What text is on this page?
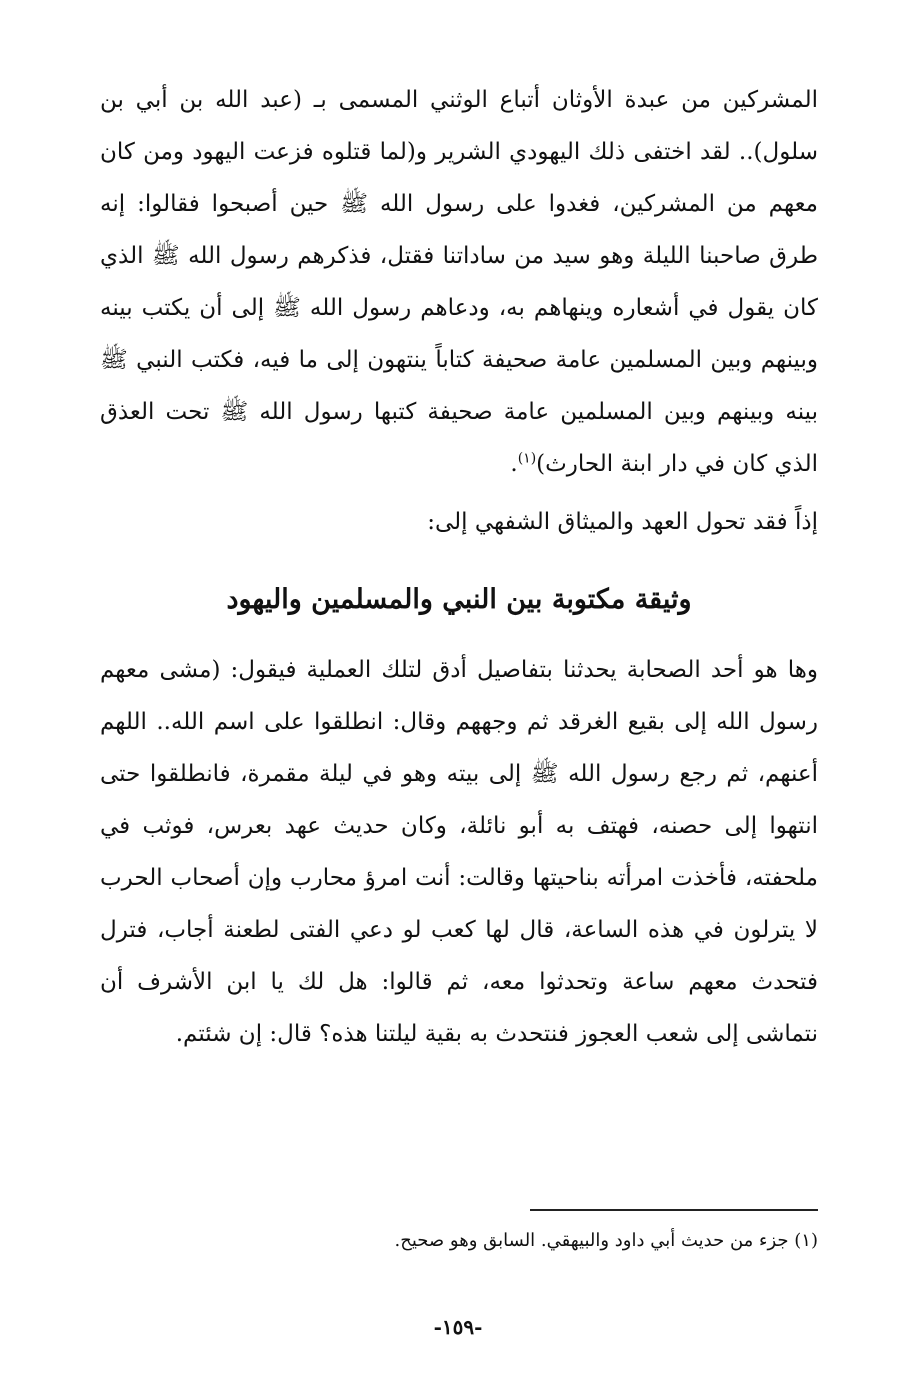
المشركين من عبدة الأوثان أتباع الوثني المسمى بـ (عبد الله بن أبي بن سلول).. لقد اختفى ذلك اليهودي الشرير و(لما قتلوه فزعت اليهود ومن كان معهم من المشركين، فغدوا على رسول الله ﷺ حين أصبحوا فقالوا: إنه طرق صاحبنا الليلة وهو سيد من ساداتنا فقتل، فذكرهم رسول الله ﷺ الذي كان يقول في أشعاره وينهاهم به، ودعاهم رسول الله ﷺ إلى أن يكتب بينه وبينهم وبين المسلمين عامة صحيفة كتاباً ينتهون إلى ما فيه، فكتب النبي ﷺ بينه وبينهم وبين المسلمين عامة صحيفة كتبها رسول الله ﷺ تحت العذق الذي كان في دار ابنة الحارث)$^{(١)}$.

إذاً فقد تحول العهد والميثاق الشفهي إلى:

وثيقة مكتوبة بين النبي والمسلمين واليهود

وها هو أحد الصحابة يحدثنا بتفاصيل أدق لتلك العملية فيقول: (مشى معهم رسول الله إلى بقيع الغرقد ثم وجههم وقال: انطلقوا على اسم الله.. اللهم أعنهم، ثم رجع رسول الله ﷺ إلى بيته وهو في ليلة مقمرة، فانطلقوا حتى انتهوا إلى حصنه، فهتف به أبو نائلة، وكان حديث عهد بعرس، فوثب في ملحفته، فأخذت امرأته بناحيتها وقالت: أنت امرؤ محارب وإن أصحاب الحرب لا يترلون في هذه الساعة، قال لها كعب لو دعي الفتى لطعنة أجاب، فترل فتحدث معهم ساعة وتحدثوا معه، ثم قالوا: هل لك يا ابن الأشرف أن نتماشى إلى شعب العجوز فنتحدث به بقية ليلتنا هذه؟ قال: إن شئتم.

(١) جزء من حديث أبي داود والبيهقي. السابق وهو صحيح.

-١٥٩-
